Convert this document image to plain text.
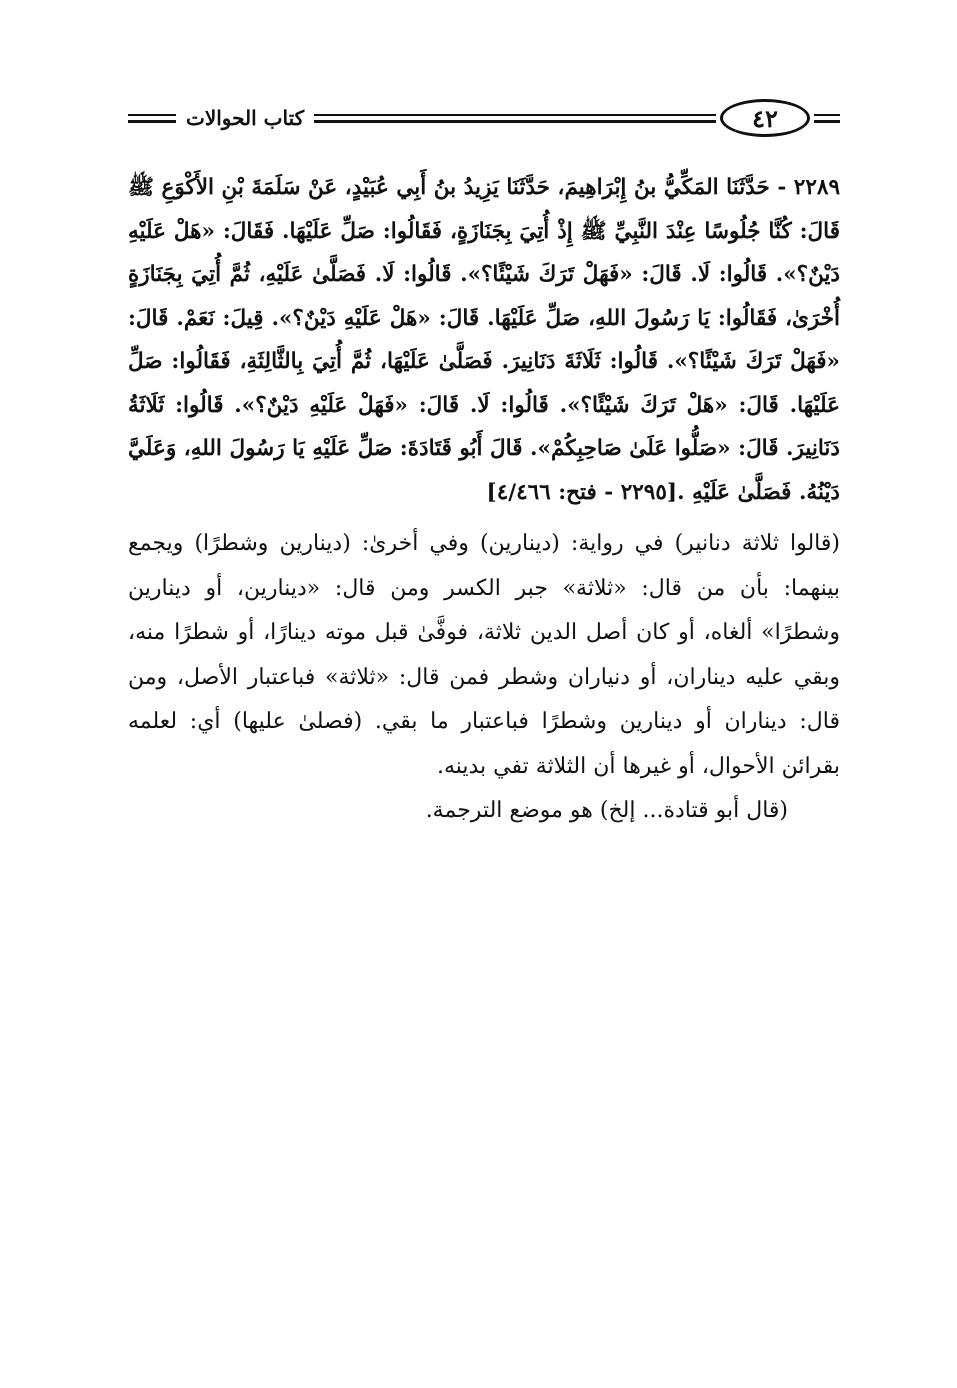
٤٢
كتاب الحوالات

٢٢٨٩ - حَدَّثَنَا المَكِّيُّ بنُ إِبْرَاهِيمَ، حَدَّثَنَا يَزِيدُ بنُ أَبِي عُبَيْدٍ، عَنْ سَلَمَةَ بْنِ الأَكْوَعِ ﷺ قَالَ: كُنَّا جُلُوسًا عِنْدَ النَّبِيِّ ﷺ إِذْ أُتِيَ بِجَنَازَةٍ، فَقَالُوا: صَلِّ عَلَيْهَا. فَقَالَ: «هَلْ عَلَيْهِ دَيْنٌ؟». قَالُوا: لَا. قَالَ: «فَهَلْ تَرَكَ شَيْئًا؟». قَالُوا: لَا. فَصَلَّىٰ عَلَيْهِ، ثُمَّ أُتِيَ بِجَنَازَةٍ أُخْرَىٰ، فَقَالُوا: يَا رَسُولَ اللهِ، صَلِّ عَلَيْهَا. قَالَ: «هَلْ عَلَيْهِ دَيْنٌ؟». قِيلَ: نَعَمْ. قَالَ: «فَهَلْ تَرَكَ شَيْئًا؟». قَالُوا: ثَلَاثَةَ دَنَانِيرَ. فَصَلَّىٰ عَلَيْهَا، ثُمَّ أُتِيَ بِالثَّالِثَةِ، فَقَالُوا: صَلِّ عَلَيْهَا. قَالَ: «هَلْ تَرَكَ شَيْئًا؟». قَالُوا: لَا. قَالَ: «فَهَلْ عَلَيْهِ دَيْنٌ؟». قَالُوا: ثَلَاثَةُ دَنَانِيرَ. قَالَ: «صَلُّوا عَلَىٰ صَاحِبِكُمْ». قَالَ أَبُو قَتَادَةَ: صَلِّ عَلَيْهِ يَا رَسُولَ اللهِ، وَعَلَيَّ دَيْنُهُ. فَصَلَّىٰ عَلَيْهِ .[٢٢٩٥ - فتح: ٤/٤٦٦]

(قالوا ثلاثة دنانير) في رواية: (دينارين) وفي أخرىٰ: (دينارين وشطرًا) ويجمع بينهما: بأن من قال: «ثلاثة» جبر الكسر ومن قال: «دينارين، أو دينارين وشطرًا» ألغاه، أو كان أصل الدين ثلاثة، فوفَّىٰ قبل موته دينارًا، أو شطرًا منه، وبقي عليه ديناران، أو دنياران وشطر فمن قال: «ثلاثة» فباعتبار الأصل، ومن قال: ديناران أو دينارين وشطرًا فباعتبار ما بقي. (فصلىٰ عليها) أي: لعلمه بقرائن الأحوال، أو غيرها أن الثلاثة تفي بدينه.

(قال أبو قتادة... إلخ) هو موضع الترجمة.
